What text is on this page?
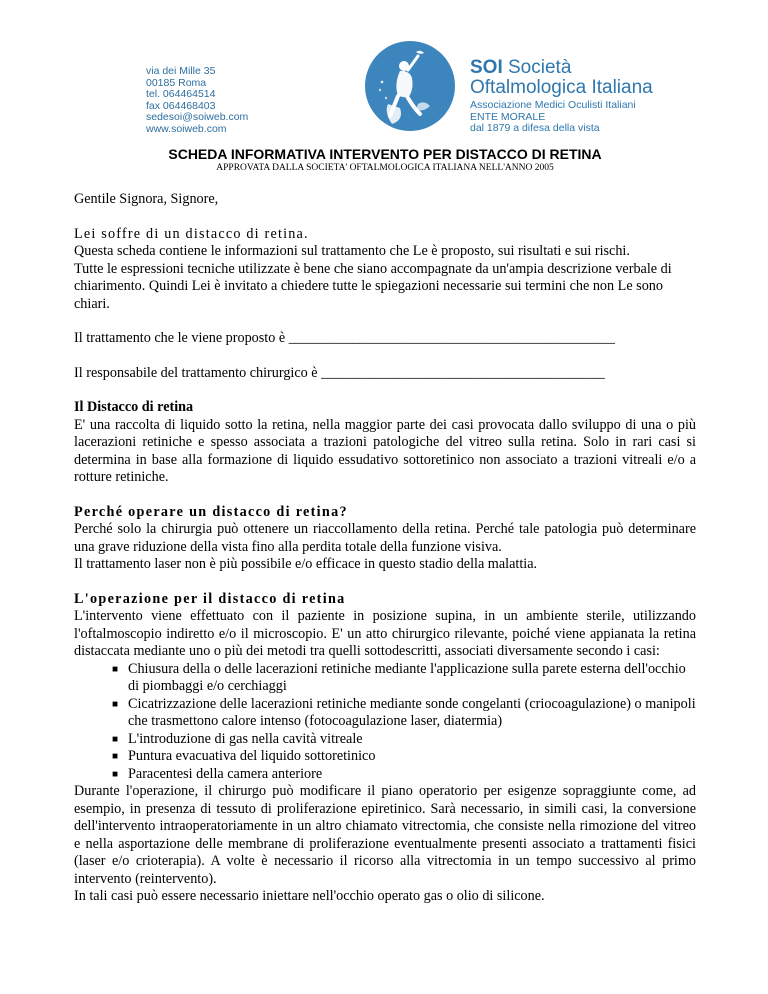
via dei Mille 35
00185 Roma
tel. 064464514
fax 064468403
sedesoi@soiweb.com
www.soiweb.com
SOI Società
Oftalmologica Italiana
Associazione Medici Oculisti Italiani
ENTE MORALE
dal 1879 a difesa della vista
SCHEDA INFORMATIVA INTERVENTO PER DISTACCO DI RETINA

APPROVATA DALLA SOCIETA' OFTALMOLOGICA ITALIANA NELL'ANNO 2005

Gentile Signora, Signore,

Lei soffre di un distacco di retina.

Questa scheda contiene le informazioni sul trattamento che Le è proposto, sui risultati e sui rischi.

Tutte le espressioni tecniche utilizzate è bene che siano accompagnate da un'ampia descrizione verbale di chiarimento. Quindi Lei è invitato a chiedere tutte le spiegazioni necessarie sui termini che non Le sono chiari.

Il trattamento che le viene proposto è ______________________________________________

Il responsabile del trattamento chirurgico è ________________________________________

Il Distacco di retina

E' una raccolta di liquido sotto la retina, nella maggior parte dei casi provocata dallo sviluppo di una o più lacerazioni retiniche e spesso associata a trazioni patologiche del vitreo sulla retina. Solo in rari casi si determina in base alla formazione di liquido essudativo sottoretinico non associato a trazioni vitreali e/o a rotture retiniche.

Perché operare un distacco di retina?

Perché solo la chirurgia può ottenere un riaccollamento della retina. Perché tale patologia può determinare una grave riduzione della vista fino alla perdita totale della funzione visiva.

Il trattamento laser non è più possibile e/o efficace in questo stadio della malattia.

L'operazione per il distacco di retina

L'intervento viene effettuato con il paziente in posizione supina, in un ambiente sterile, utilizzando l'oftalmoscopio indiretto e/o il microscopio. E' un atto chirurgico rilevante, poiché viene appianata la retina distaccata mediante uno o più dei metodi tra quelli sottodescritti, associati diversamente secondo i casi:

■ Chiusura della o delle lacerazioni retiniche mediante l'applicazione sulla parete esterna dell'occhio di piombaggi e/o cerchiaggi
■ Cicatrizzazione delle lacerazioni retiniche mediante sonde congelanti (criocoagulazione) o manipoli che trasmettono calore intenso (fotocoagulazione laser, diatermia)
■ L'introduzione di gas nella cavità vitreale
■ Puntura evacuativa del liquido sottoretinico
■ Paracentesi della camera anteriore

Durante l'operazione, il chirurgo può modificare il piano operatorio per esigenze sopraggiunte come, ad esempio, in presenza di tessuto di proliferazione epiretinico. Sarà necessario, in simili casi, la conversione dell'intervento intraoperatoriamente in un altro chiamato vitrectomia, che consiste nella rimozione del vitreo e nella asportazione delle membrane di proliferazione eventualmente presenti associato a trattamenti fisici (laser e/o crioterapia). A volte è necessario il ricorso alla vitrectomia in un tempo successivo al primo intervento (reintervento).

In tali casi può essere necessario iniettare nell'occhio operato gas o olio di silicone.
